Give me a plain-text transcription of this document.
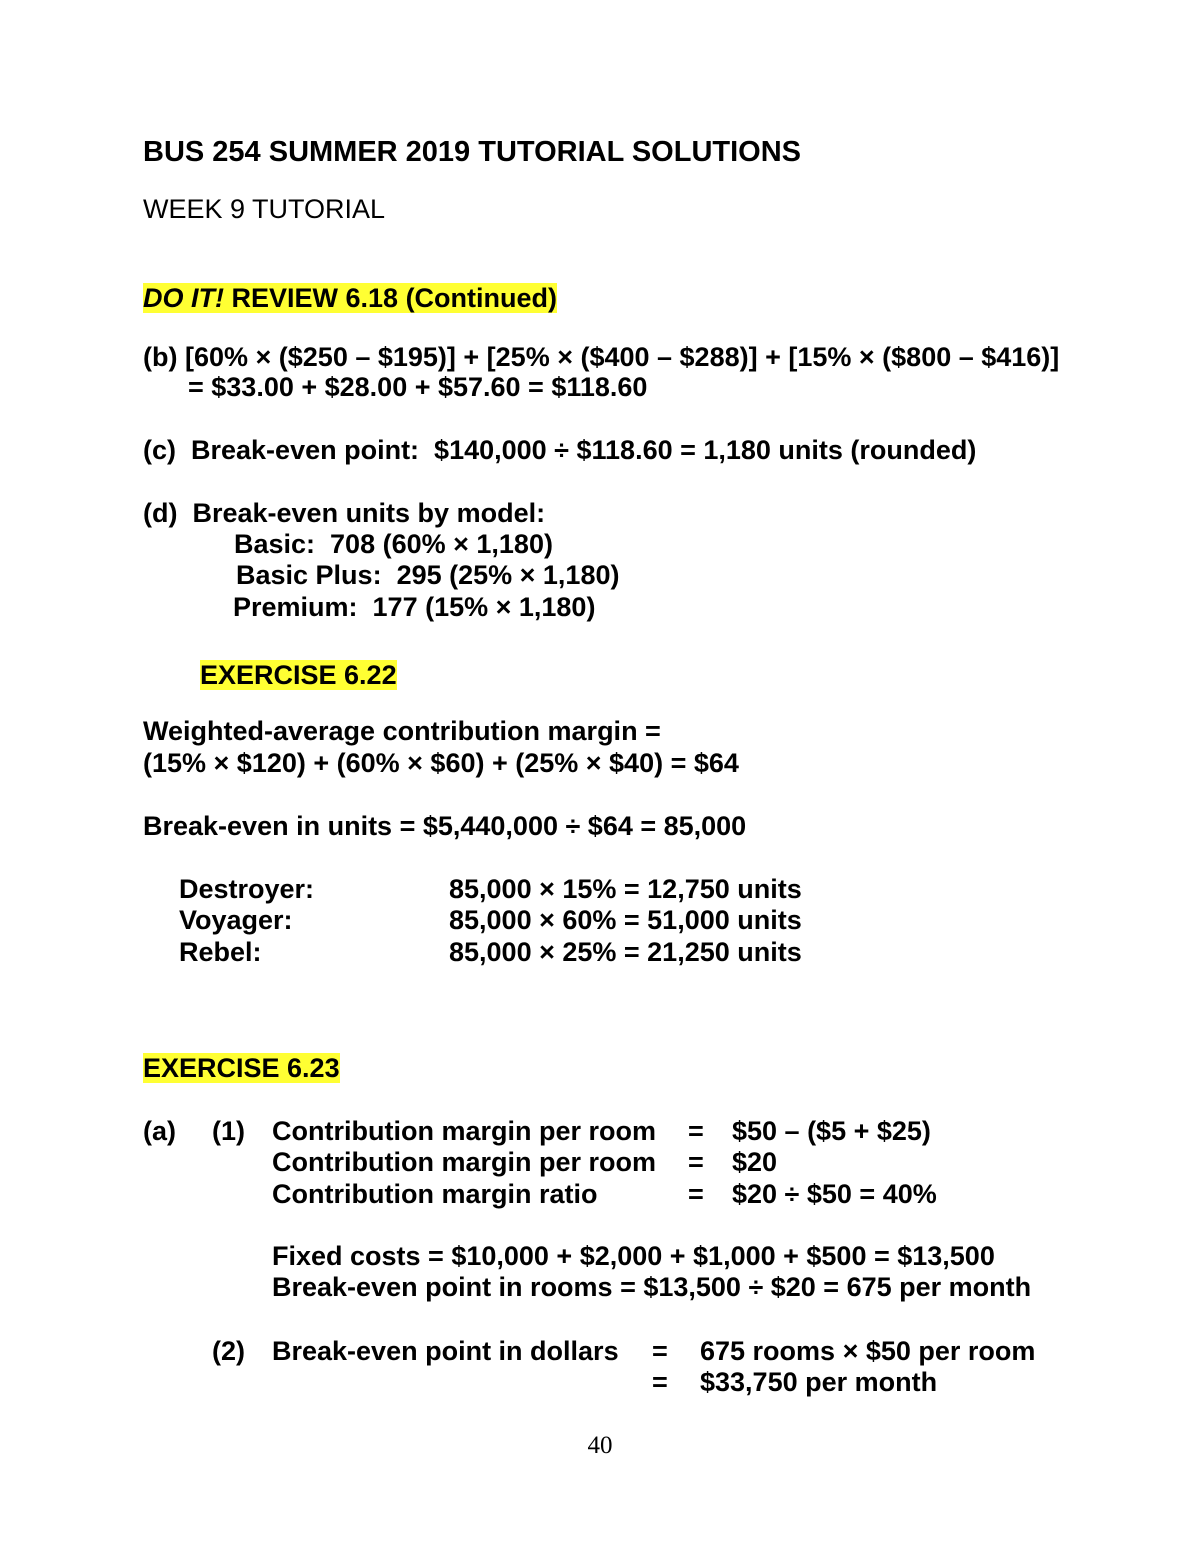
BUS 254 SUMMER 2019 TUTORIAL SOLUTIONS
WEEK 9 TUTORIAL
DO IT! REVIEW 6.18 (Continued)
(b) [60% × ($250 – $195)] + [25% × ($400 – $288)] + [15% × ($800 – $416)]
= $33.00 + $28.00 + $57.60 = $118.60
(c)  Break-even point:  $140,000 ÷ $118.60 = 1,180 units (rounded)
(d)  Break-even units by model:
Basic:  708 (60% × 1,180)
Basic Plus:  295 (25% × 1,180)
Premium:  177 (15% × 1,180)
EXERCISE 6.22
Weighted-average contribution margin =
(15% × $120) + (60% × $60) + (25% × $40) = $64
Break-even in units = $5,440,000 ÷ $64 = 85,000
Destroyer:	85,000 × 15% = 12,750 units
Voyager:	85,000 × 60% = 51,000 units
Rebel:	85,000 × 25% = 21,250 units
EXERCISE 6.23
(a) (1) Contribution margin per room = $50 – ($5 + $25)
Contribution margin per room = $20
Contribution margin ratio	= $20 ÷ $50 = 40%
Fixed costs = $10,000 + $2,000 + $1,000 + $500 = $13,500
Break-even point in rooms = $13,500 ÷ $20 = 675 per month
(2) Break-even point in dollars = 675 rooms × $50 per room
= $33,750 per month
40
